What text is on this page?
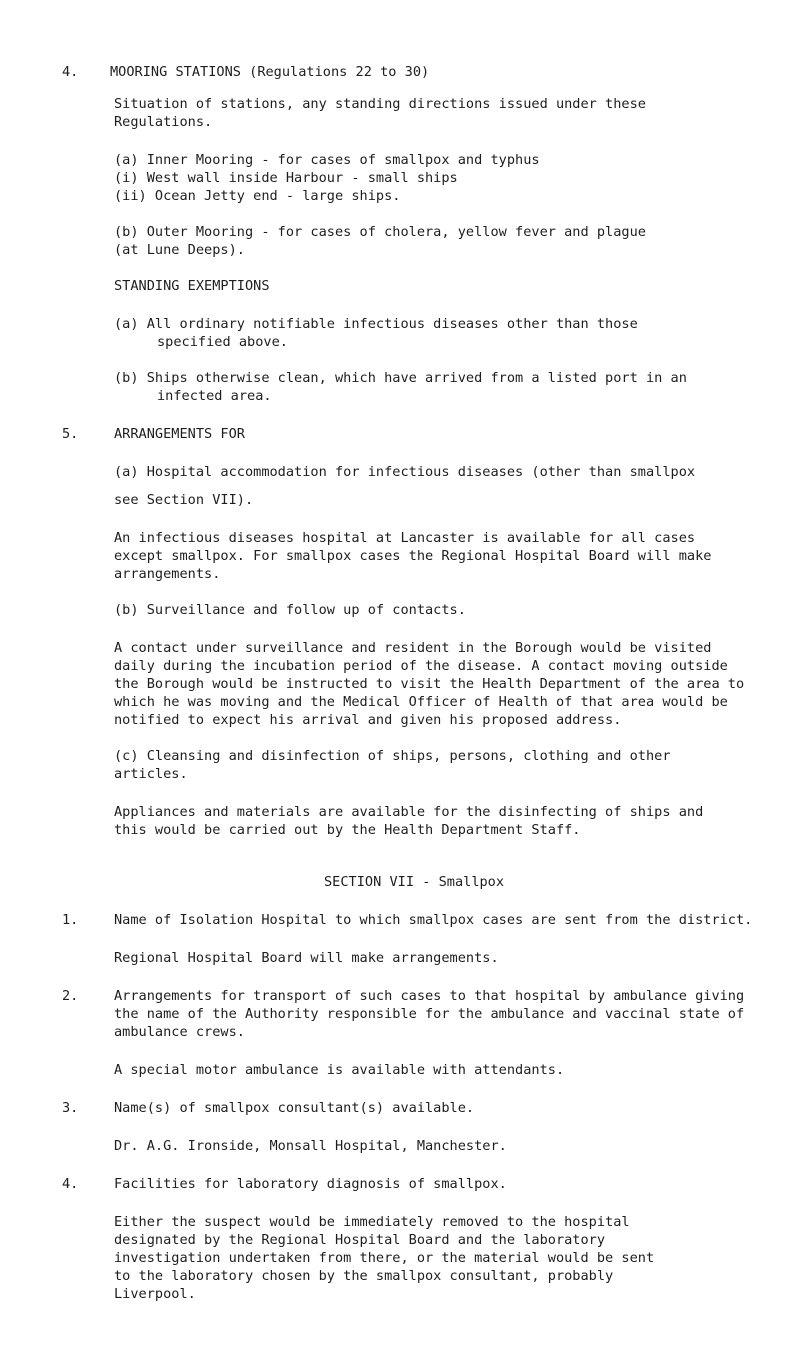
4. MOORING STATIONS (Regulations 22 to 30)

Situation of stations, any standing directions issued under these

Regulations.

(a) Inner Mooring - for cases of smallpox and typhus

(i) West wall inside Harbour - small ships

(ii) Ocean Jetty end - large ships.

(b) Outer Mooring - for cases of cholera, yellow fever and plague

(at Lune Deeps).

STANDING EXEMPTIONS

(a) All ordinary notifiable infectious diseases other than those

specified above.

(b) Ships otherwise clean, which have arrived from a listed port in an

infected area.

5.	ARRANGEMENTS FOR

(a) Hospital accommodation for infectious diseases (other than smallpox

see Section VII).

An infectious diseases hospital at Lancaster is available for all cases

except smallpox. For smallpox cases the Regional Hospital Board will make

arrangements.

(b) Surveillance and follow up of contacts.

A contact under surveillance and resident in the Borough would be visited

daily during the incubation period of the disease. A contact moving outside

the Borough would be instructed to visit the Health Department of the area to

which he was moving and the Medical Officer of Health of that area would be

notified to expect his arrival and given his proposed address.

(c) Cleansing and disinfection of ships, persons, clothing and other

articles.

Appliances and materials are available for the disinfecting of ships and

this would be carried out by the Health Department Staff.

SECTION VII - Smallpox

1.	Name of Isolation Hospital to which smallpox cases are sent from the district.

Regional Hospital Board will make arrangements.

2.	Arrangements for transport of such cases to that hospital by ambulance giving

the name of the Authority responsible for the ambulance and vaccinal state of

ambulance crews.

A special motor ambulance is available with attendants.

3.	Name(s) of smallpox consultant(s) available.

Dr. A.G. Ironside, Monsall Hospital, Manchester.

4.	Facilities for laboratory diagnosis of smallpox.

Either the suspect would be immediately removed to the hospital

designated by the Regional Hospital Board and the laboratory

investigation undertaken from there, or the material would be sent

to the laboratory chosen by the smallpox consultant, probably

Liverpool.
